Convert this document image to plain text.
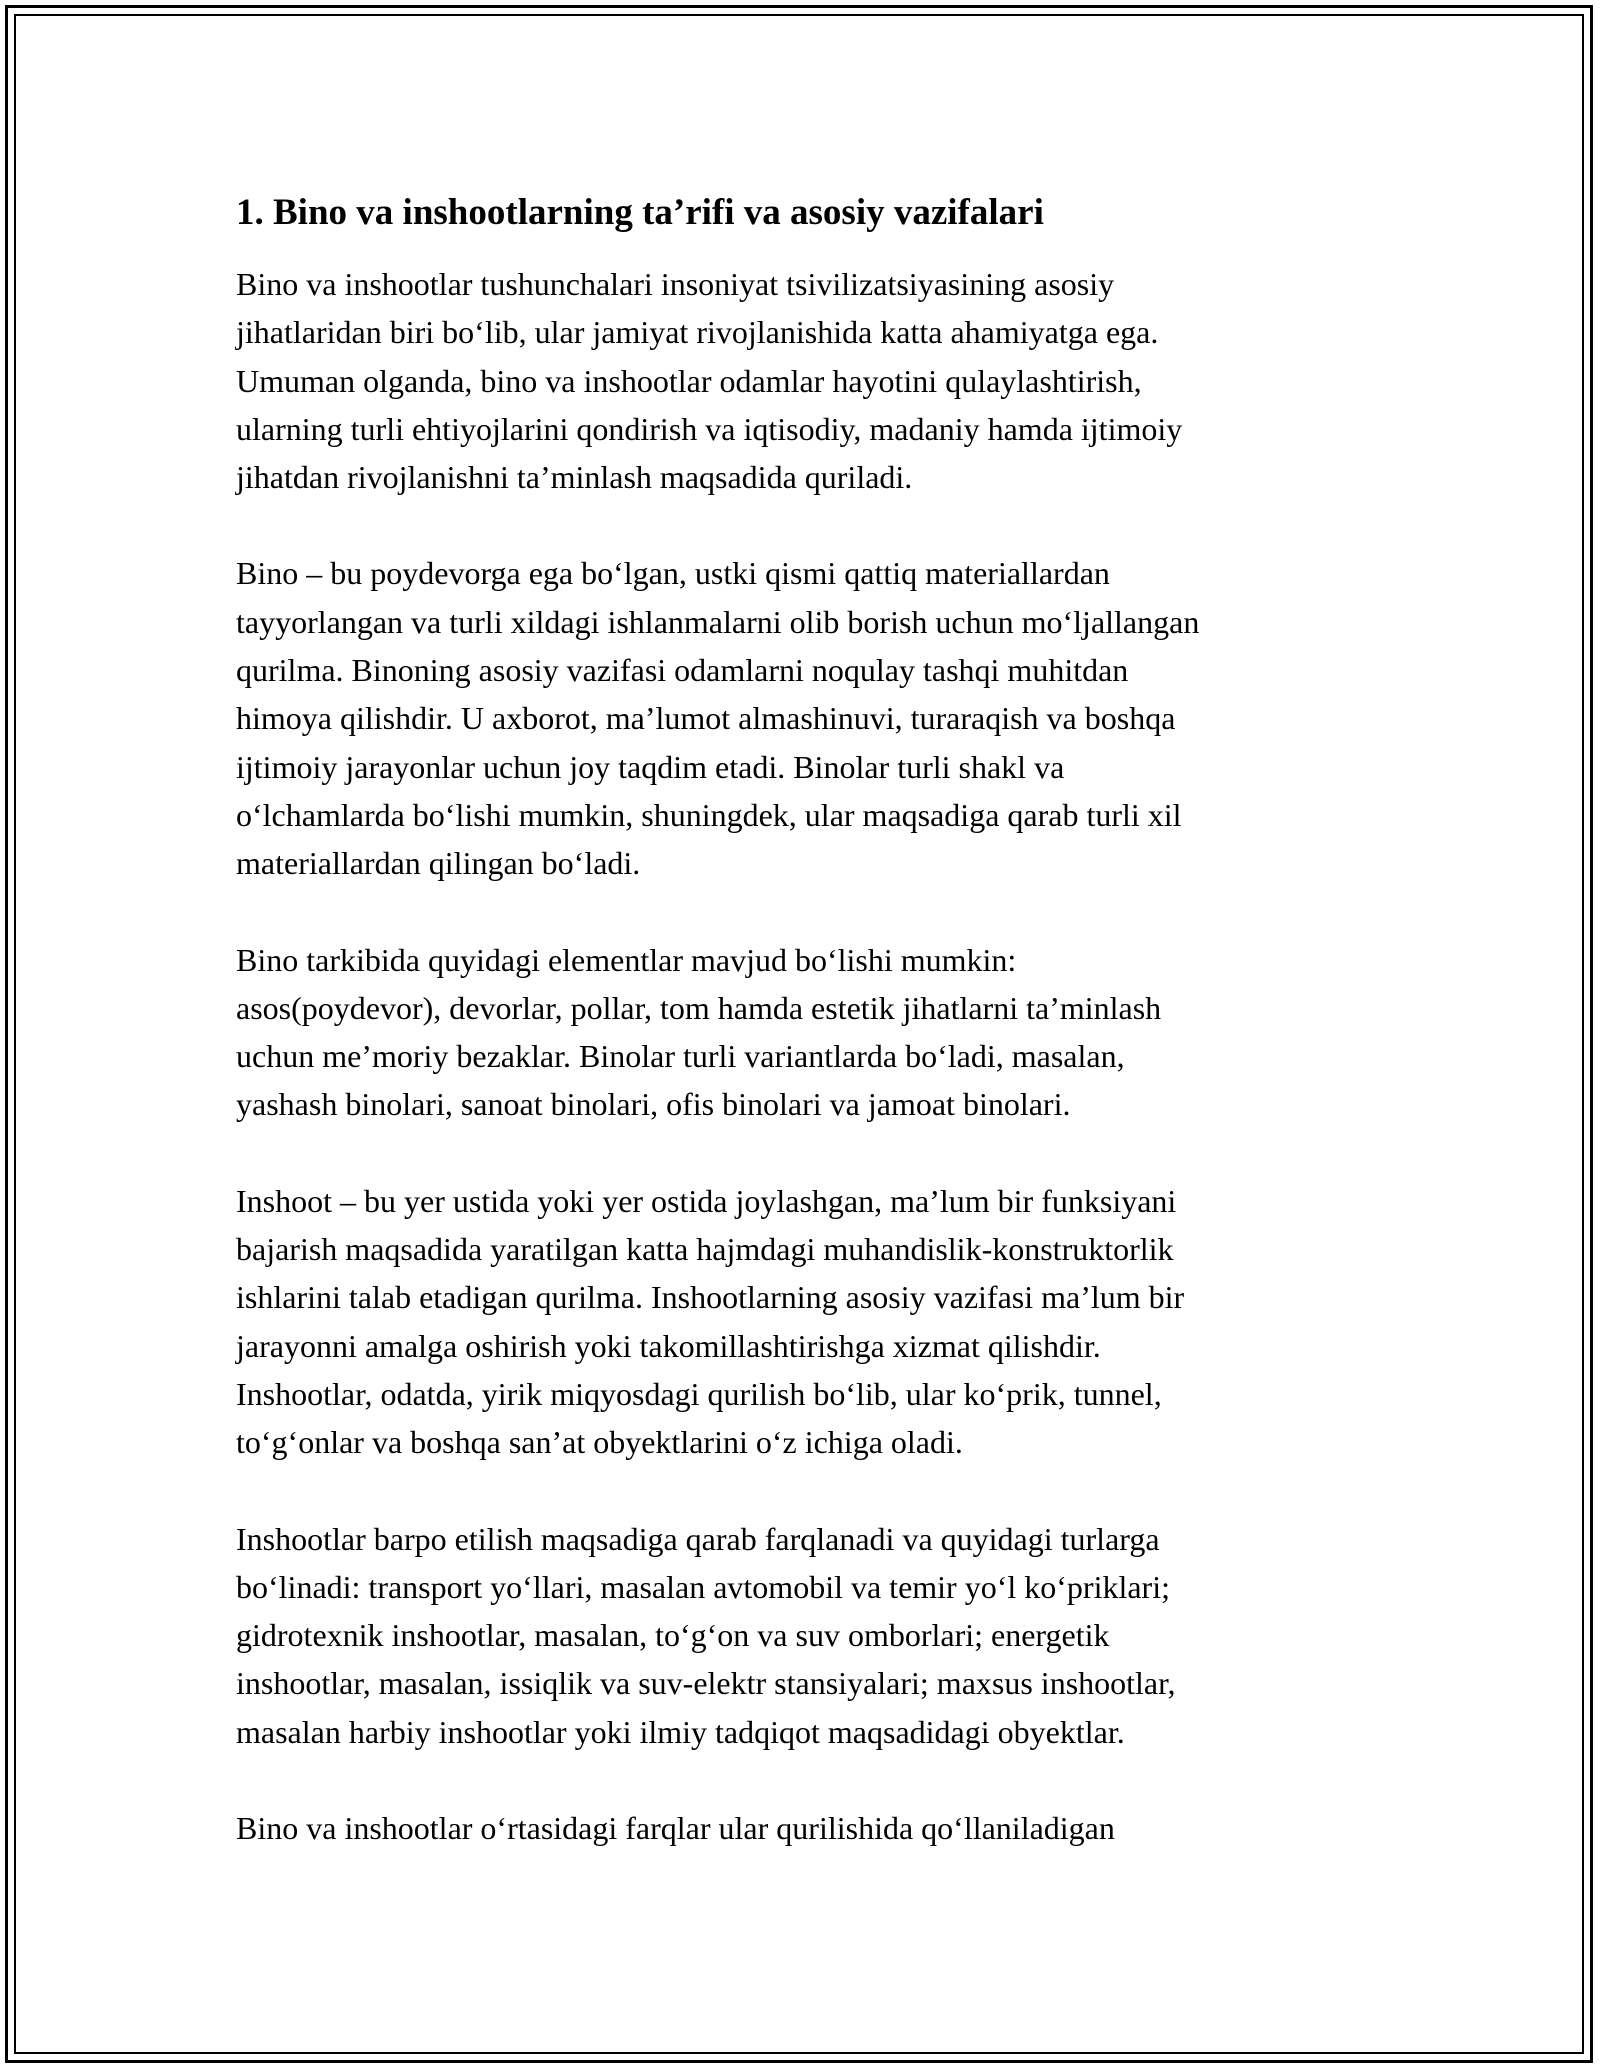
1. Bino va inshootlarning ta’rifi va asosiy vazifalari
Bino va inshootlar tushunchalari insoniyat tsivilizatsiyasining asosiy
jihatlaridan biri bo‘lib, ular jamiyat rivojlanishida katta ahamiyatga ega.
Umuman olganda, bino va inshootlar odamlar hayotini qulaylashtirish,
ularning turli ehtiyojlarini qondirish va iqtisodiy, madaniy hamda ijtimoiy
jihatdan rivojlanishni ta’minlash maqsadida quriladi.
Bino – bu poydevorga ega bo‘lgan, ustki qismi qattiq materiallardan
tayyorlangan va turli xildagi ishlanmalarni olib borish uchun mo‘ljallangan
qurilma. Binoning asosiy vazifasi odamlarni noqulay tashqi muhitdan
himoya qilishdir. U axborot, ma’lumot almashinuvi, turaraqish va boshqa
ijtimoiy jarayonlar uchun joy taqdim etadi. Binolar turli shakl va
o‘lchamlarda bo‘lishi mumkin, shuningdek, ular maqsadiga qarab turli xil
materiallardan qilingan bo‘ladi.
Bino tarkibida quyidagi elementlar mavjud bo‘lishi mumkin:
asos(poydevor), devorlar, pollar, tom hamda estetik jihatlarni ta’minlash
uchun me’moriy bezaklar. Binolar turli variantlarda bo‘ladi, masalan,
yashash binolari, sanoat binolari, ofis binolari va jamoat binolari.
Inshoot – bu yer ustida yoki yer ostida joylashgan, ma’lum bir funksiyani
bajarish maqsadida yaratilgan katta hajmdagi muhandislik-konstruktorlik
ishlarini talab etadigan qurilma. Inshootlarning asosiy vazifasi ma’lum bir
jarayonni amalga oshirish yoki takomillashtirishga xizmat qilishdir.
Inshootlar, odatda, yirik miqyosdagi qurilish bo‘lib, ular ko‘prik, tunnel,
to‘g‘onlar va boshqa san’at obyektlarini o‘z ichiga oladi.
Inshootlar barpo etilish maqsadiga qarab farqlanadi va quyidagi turlarga
bo‘linadi: transport yo‘llari, masalan avtomobil va temir yo‘l ko‘priklari;
gidrotexnik inshootlar, masalan, to‘g‘on va suv omborlari; energetik
inshootlar, masalan, issiqlik va suv-elektr stansiyalari; maxsus inshootlar,
masalan harbiy inshootlar yoki ilmiy tadqiqot maqsadidagi obyektlar.
Bino va inshootlar o‘rtasidagi farqlar ular qurilishida qo‘llaniladigan
